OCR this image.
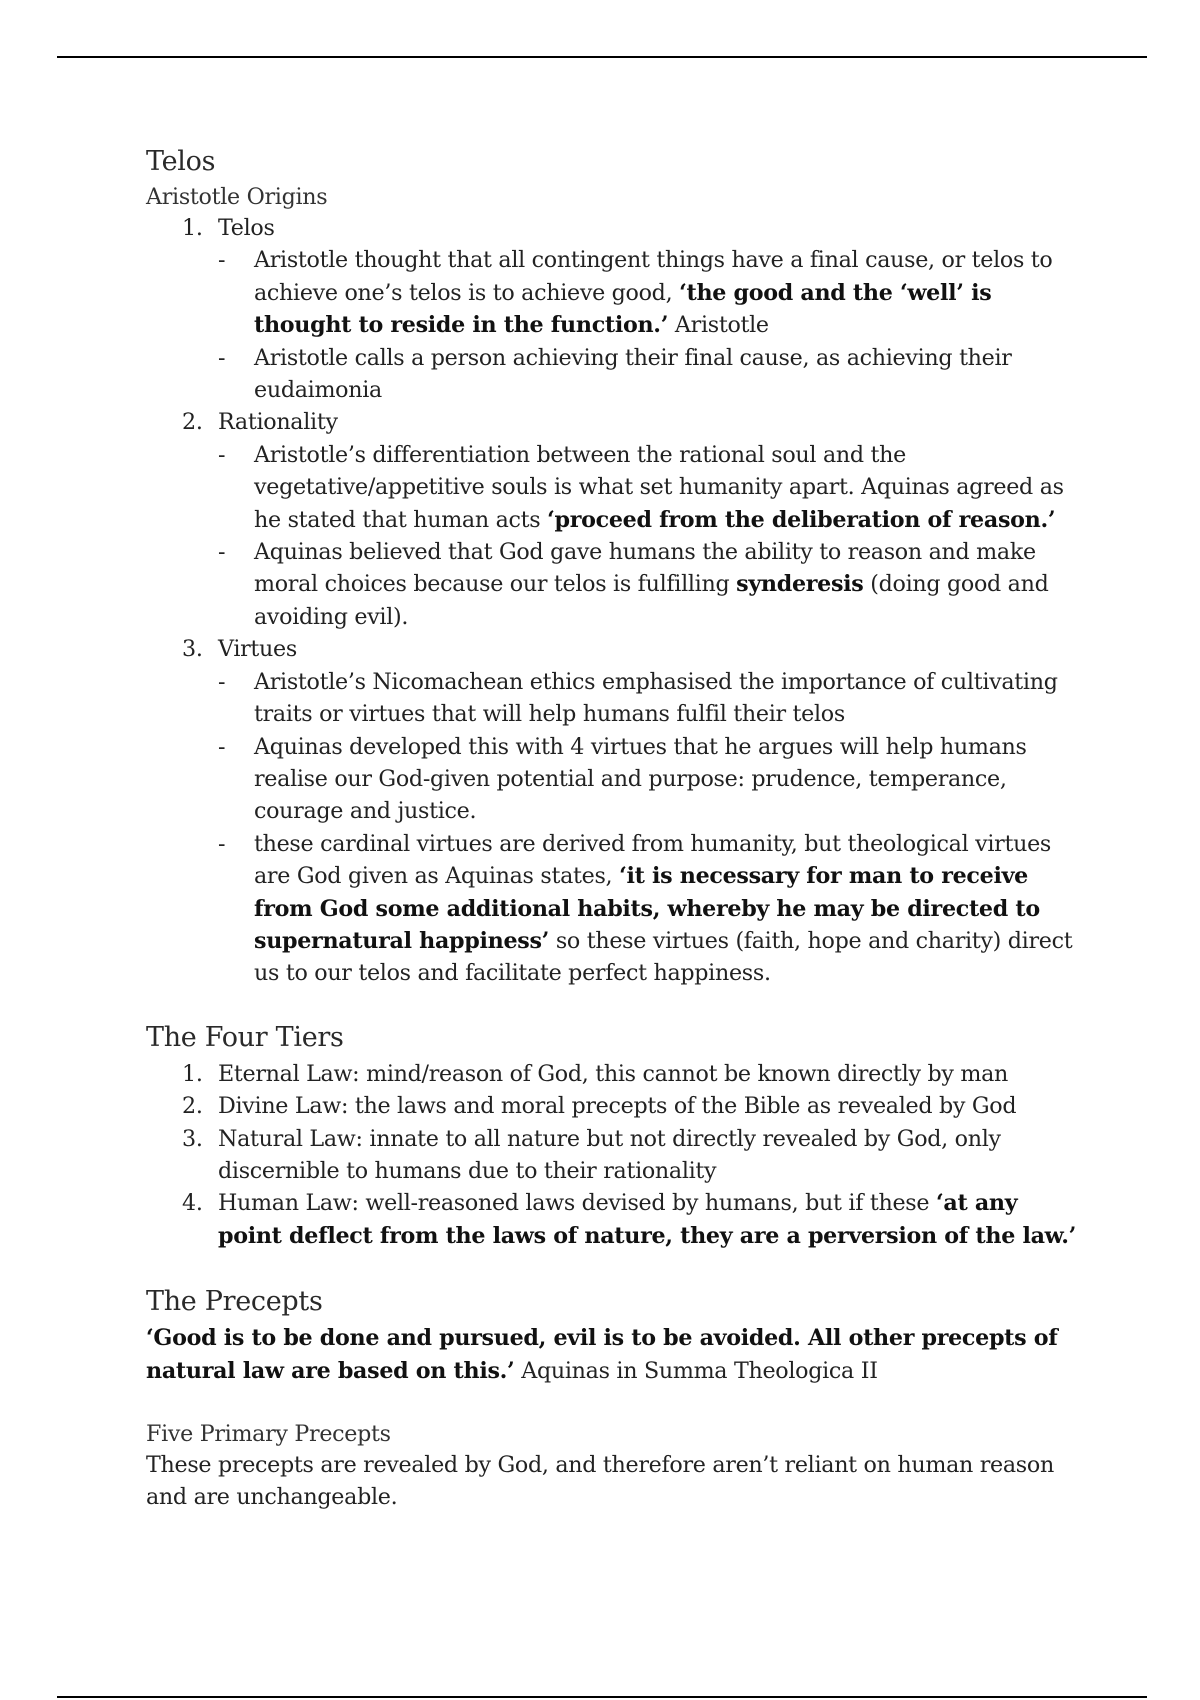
Telos
Aristotle Origins
1. Telos
- Aristotle thought that all contingent things have a final cause, or telos to achieve one’s telos is to achieve good, ‘the good and the ‘well’ is thought to reside in the function.’ Aristotle
- Aristotle calls a person achieving their final cause, as achieving their eudaimonia
2. Rationality
- Aristotle’s differentiation between the rational soul and the vegetative/appetitive souls is what set humanity apart. Aquinas agreed as he stated that human acts ‘proceed from the deliberation of reason.’
- Aquinas believed that God gave humans the ability to reason and make moral choices because our telos is fulfilling synderesis (doing good and avoiding evil).
3. Virtues
- Aristotle’s Nicomachean ethics emphasised the importance of cultivating traits or virtues that will help humans fulfil their telos
- Aquinas developed this with 4 virtues that he argues will help humans realise our God-given potential and purpose: prudence, temperance, courage and justice.
- these cardinal virtues are derived from humanity, but theological virtues are God given as Aquinas states, ‘it is necessary for man to receive from God some additional habits, whereby he may be directed to supernatural happiness’ so these virtues (faith, hope and charity) direct us to our telos and facilitate perfect happiness.
The Four Tiers
1. Eternal Law: mind/reason of God, this cannot be known directly by man
2. Divine Law: the laws and moral precepts of the Bible as revealed by God
3. Natural Law: innate to all nature but not directly revealed by God, only discernible to humans due to their rationality
4. Human Law: well-reasoned laws devised by humans, but if these ‘at any point deflect from the laws of nature, they are a perversion of the law.’
The Precepts
‘Good is to be done and pursued, evil is to be avoided. All other precepts of natural law are based on this.’ Aquinas in Summa Theologica II
Five Primary Precepts
These precepts are revealed by God, and therefore aren’t reliant on human reason and are unchangeable.
